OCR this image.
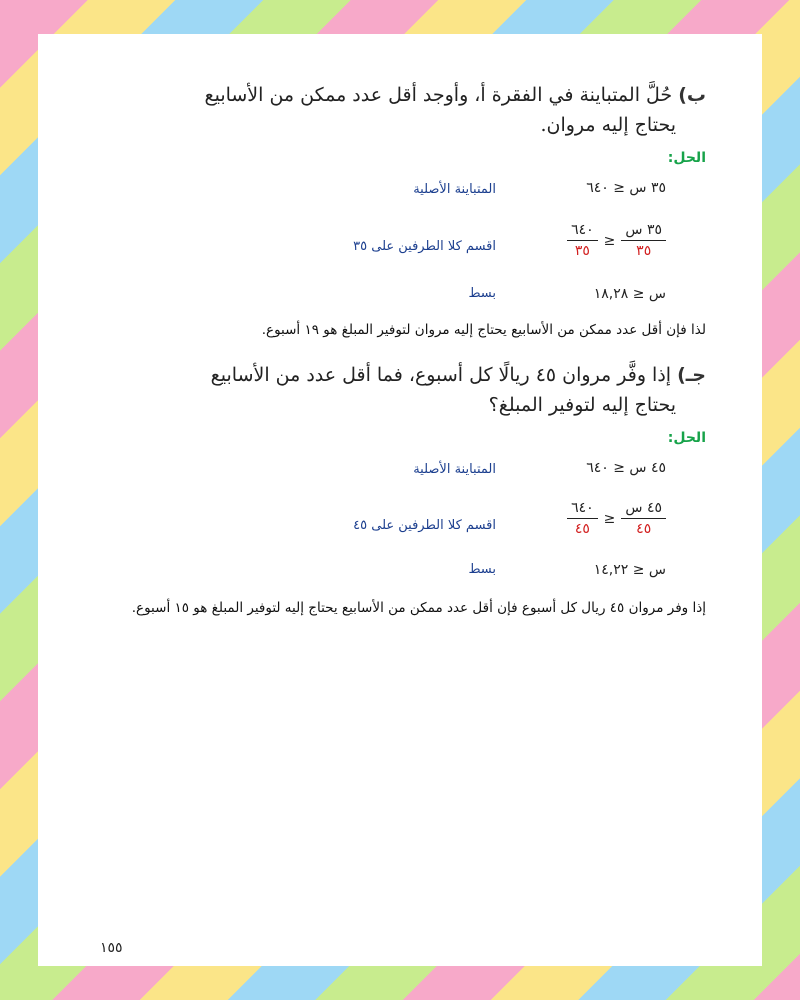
ب) حُلَّ المتباينة في الفقرة أ، وأوجد أقل عدد ممكن من الأسابيع
يحتاج إليه مروان.
الحل:
٣٥ س ≤ ٦٤٠
المتباينة الأصلية
$\frac{\text{٣٥ س}}{٣٥}$
≤
$\frac{٦٤٠}{٣٥}$
اقسم كلا الطرفين على ٣٥
س ≤ ١٨,٢٨
بسط
لذا فإن أقل عدد ممكن من الأسابيع يحتاج إليه مروان لتوفير المبلغ هو ١٩ أسبوع.
جـ) إذا وفَّر مروان ٤٥ ريالًا كل أسبوع، فما أقل عدد من الأسابيع
يحتاج إليه لتوفير المبلغ؟
الحل:
٤٥ س ≤ ٦٤٠
المتباينة الأصلية
$\frac{\text{٤٥ س}}{٤٥}$
≤
$\frac{٦٤٠}{٤٥}$
اقسم كلا الطرفين على ٤٥
س ≤ ١٤,٢٢
بسط
إذا وفر مروان ٤٥ ريال كل أسبوع فإن أقل عدد ممكن من الأسابيع يحتاج إليه لتوفير المبلغ هو ١٥ أسبوع.
١٥٥
